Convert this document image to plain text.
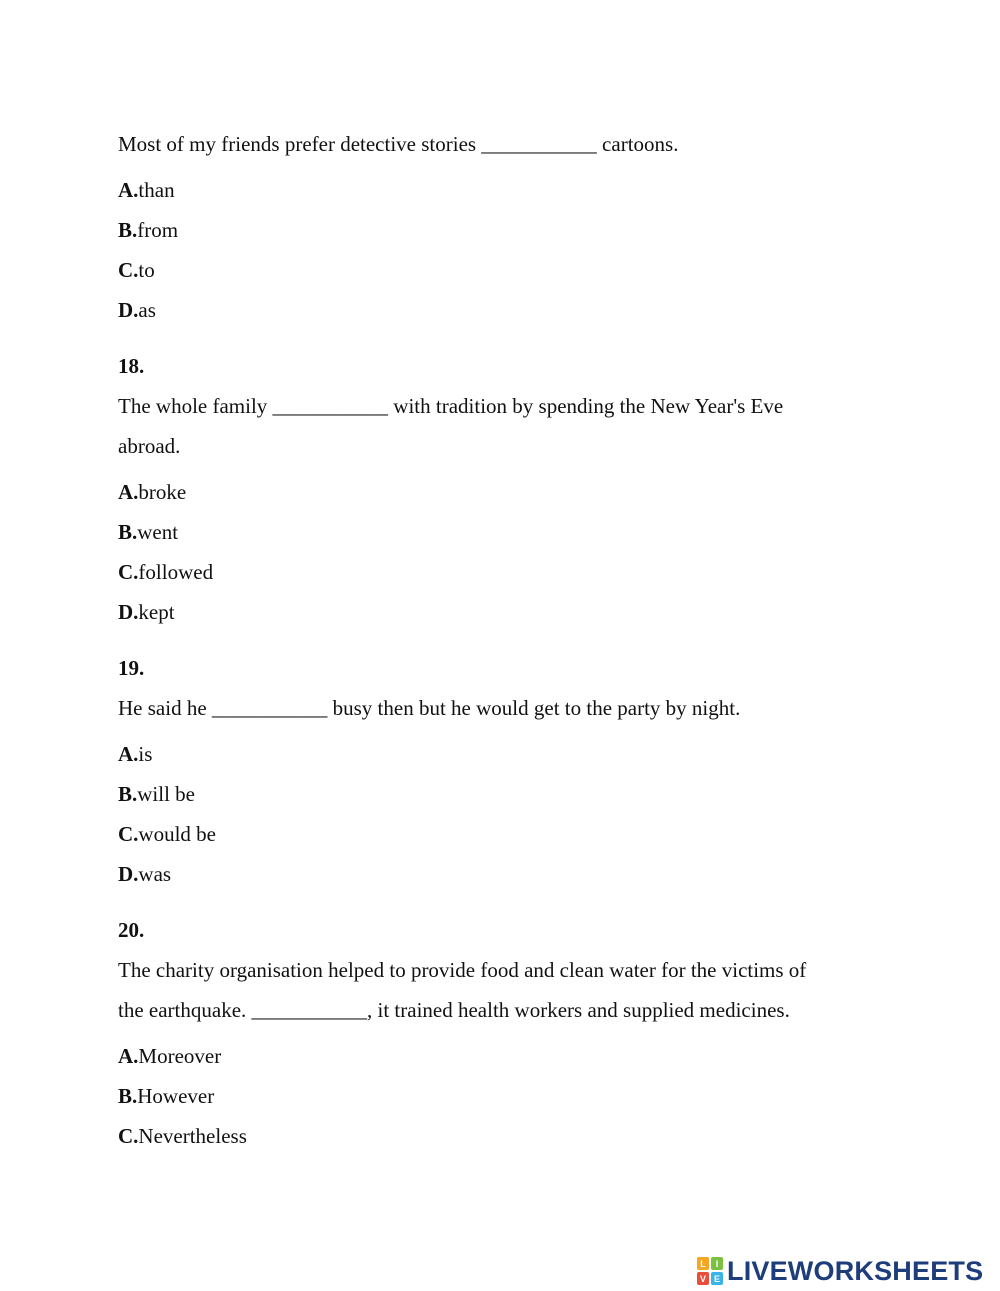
Most of my friends prefer detective stories ___________ cartoons.
A.than
B.from
C.to
D.as
18.
The whole family ___________ with tradition by spending the New Year's Eve
abroad.
A.broke
B.went
C.followed
D.kept
19.
He said he ___________ busy then but he would get to the party by night.
A.is
B.will be
C.would be
D.was
20.
The charity organisation helped to provide food and clean water for the victims of
the earthquake. ___________, it trained health workers and supplied medicines.
A.Moreover
B.However
C.Nevertheless
L I
V E LIVEWORKSHEETS
